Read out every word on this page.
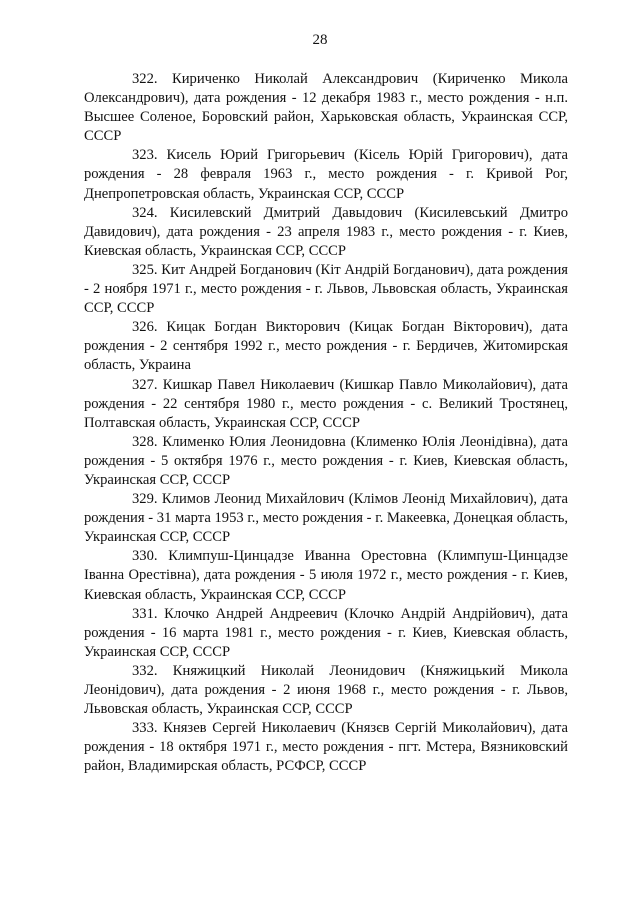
28

322. Кириченко Николай Александрович (Кириченко Микола Олександрович), дата рождения - 12 декабря 1983 г., место рождения - н.п. Высшее Соленое, Боровский район, Харьковская область, Украинская ССР, СССР

323. Кисель Юрий Григорьевич (Кісель Юрій Григорович), дата рождения - 28 февраля 1963 г., место рождения - г. Кривой Рог, Днепропетровская область, Украинская ССР, СССР

324. Кисилевский Дмитрий Давыдович (Кисилевський Дмитро Давидович), дата рождения - 23 апреля 1983 г., место рождения - г. Киев, Киевская область, Украинская ССР, СССР

325. Кит Андрей Богданович (Кіт Андрій Богданович), дата рождения - 2 ноября 1971 г., место рождения - г. Львов, Львовская область, Украинская ССР, СССР

326. Кицак Богдан Викторович (Кицак Богдан Вікторович), дата рождения - 2 сентября 1992 г., место рождения - г. Бердичев, Житомирская область, Украина

327. Кишкар Павел Николаевич (Кишкар Павло Миколайович), дата рождения - 22 сентября 1980 г., место рождения - с. Великий Тростянец, Полтавская область, Украинская ССР, СССР

328. Клименко Юлия Леонидовна (Клименко Юлія Леонідівна), дата рождения - 5 октября 1976 г., место рождения - г. Киев, Киевская область, Украинская ССР, СССР

329. Климов Леонид Михайлович (Клімов Леонід Михайлович), дата рождения - 31 марта 1953 г., место рождения - г. Макеевка, Донецкая область, Украинская ССР, СССР

330. Климпуш-Цинцадзе Иванна Орестовна (Климпуш-Цинцадзе Іванна Орестівна), дата рождения - 5 июля 1972 г., место рождения - г. Киев, Киевская область, Украинская ССР, СССР

331. Клочко Андрей Андреевич (Клочко Андрій Андрійович), дата рождения - 16 марта 1981 г., место рождения - г. Киев, Киевская область, Украинская ССР, СССР

332. Княжицкий Николай Леонидович (Княжицький Микола Леонідович), дата рождения - 2 июня 1968 г., место рождения - г. Львов, Львовская область, Украинская ССР, СССР

333. Князев Сергей Николаевич (Князєв Сергій Миколайович), дата рождения - 18 октября 1971 г., место рождения - пгт. Мстера, Вязниковский район, Владимирская область, РСФСР, СССР
